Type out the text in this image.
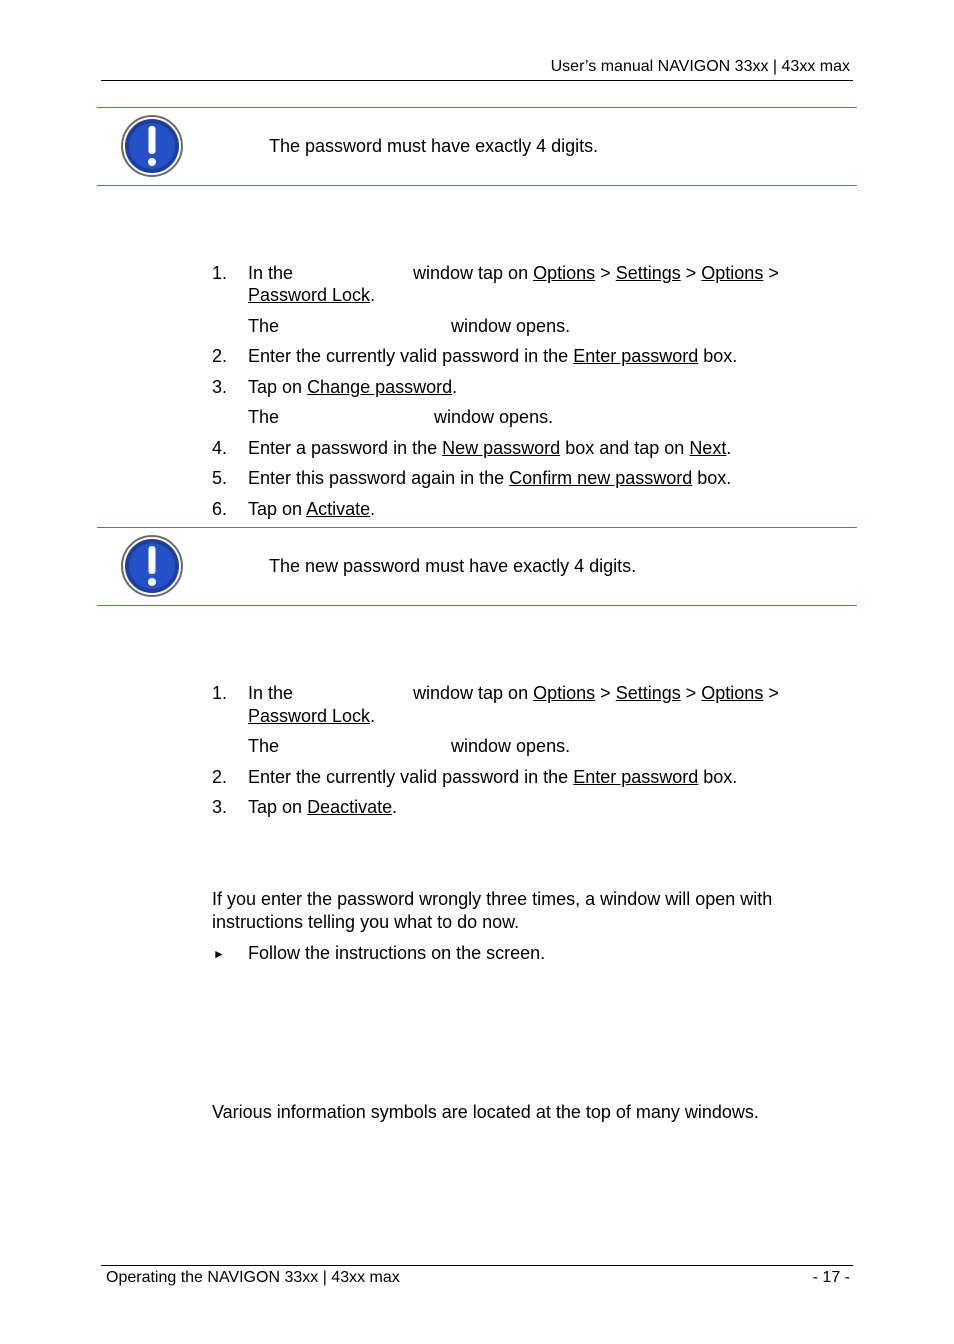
User’s manual NAVIGON 33xx | 43xx max
The password must have exactly 4 digits.
1. In the	window tap on Options > Settings > Options >
Password Lock.
The	window opens.
2. Enter the currently valid password in the Enter password box.
3. Tap on Change password.
The	window opens.
4. Enter a password in the New password box and tap on Next.
5. Enter this password again in the Confirm new password box.
6. Tap on Activate.
The new password must have exactly 4 digits.
1. In the	window tap on Options > Settings > Options >
Password Lock.
The	window opens.
2. Enter the currently valid password in the Enter password box.
3. Tap on Deactivate.
If you enter the password wrongly three times, a window will open with
instructions telling you what to do now.
► Follow the instructions on the screen.
Various information symbols are located at the top of many windows.
Operating the NAVIGON 33xx | 43xx max	- 17 -
